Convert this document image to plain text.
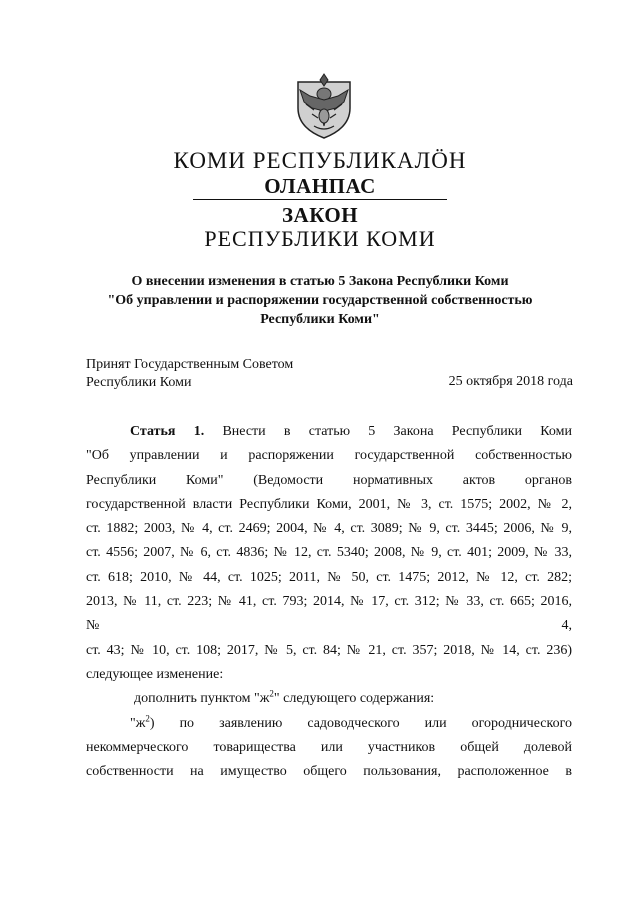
КОМИ РЕСПУБЛИКАЛÖН
ОЛАНПАС
ЗАКОН
РЕСПУБЛИКИ КОМИ
О внесении изменения в статью 5 Закона Республики Коми
"Об управлении и распоряжении государственной собственностью
Республики Коми"
Принят Государственным Советом
Республики Коми	25 октября 2018 года
Статья 1. Внести в статью 5 Закона Республики Коми
"Об управлении и распоряжении государственной собственностью
Республики Коми" (Ведомости нормативных актов органов
государственной власти Республики Коми, 2001, № 3, ст. 1575; 2002, № 2,
ст. 1882; 2003, № 4, ст. 2469; 2004, № 4, ст. 3089; № 9, ст. 3445; 2006, № 9,
ст. 4556; 2007, № 6, ст. 4836; № 12, ст. 5340; 2008, № 9, ст. 401; 2009, № 33,
ст. 618; 2010, № 44, ст. 1025; 2011, № 50, ст. 1475; 2012, № 12, ст. 282;
2013, № 11, ст. 223; № 41, ст. 793; 2014, № 17, ст. 312; № 33, ст. 665; 2016,
№ 4,
ст. 43; № 10, ст. 108; 2017, № 5, ст. 84; № 21, ст. 357; 2018, № 14, ст. 236)
следующее изменение:
дополнить пунктом "$ж^2$" следующего содержания:
"$ж^2$) по заявлению садоводческого или огороднического
некоммерческого товарищества или участников общей долевой
собственности на имущество общего пользования, расположенное в
